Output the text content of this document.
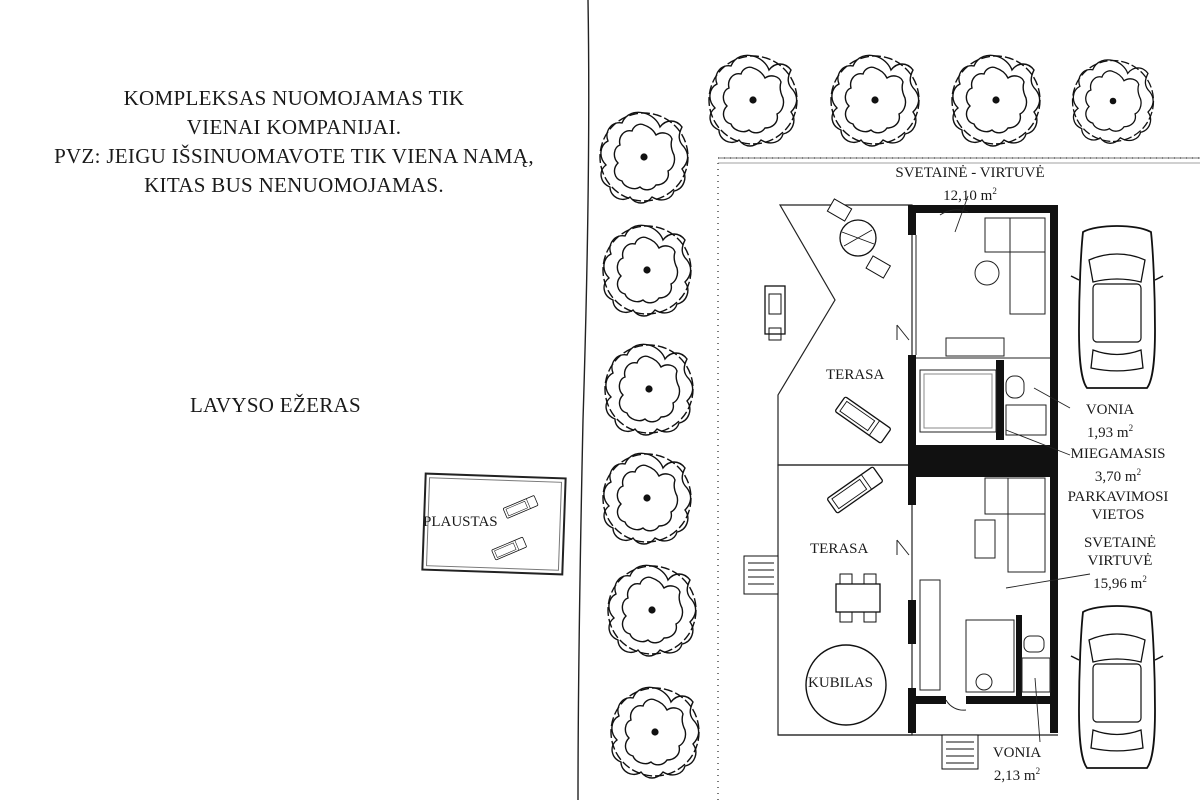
KOMPLEKSAS NUOMOJAMAS TIK
VIENAI KOMPANIJAI.
PVZ: JEIGU IŠSINUOMAVOTE TIK VIENA NAMĄ,
KITAS BUS NENUOMOJAMAS.
LAVYSO EŽERAS
PLAUSTAS
KUBILAS
TERASA
TERASA
SVETAINĖ - VIRTUVĖ
12,10 $m^2$
VONIA
1,93 $m^2$
MIEGAMASIS
3,70 $m^2$
PARKAVIMOSI
VIETOS
SVETAINĖ
VIRTUVĖ
15,96 $m^2$
VONIA
2,13 $m^2$
